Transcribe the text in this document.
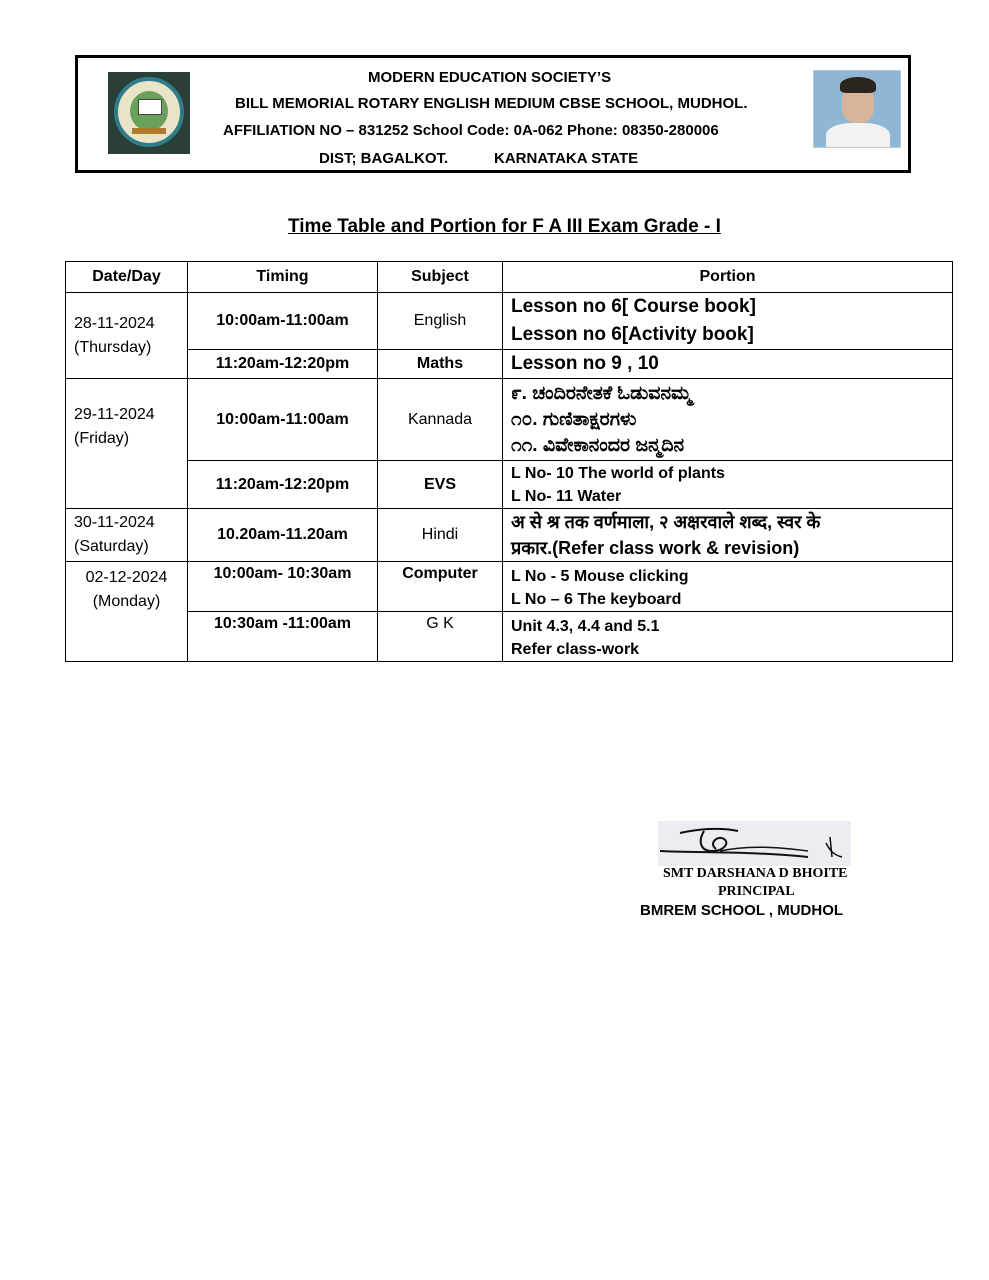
MODERN EDUCATION SOCIETY’S
BILL MEMORIAL ROTARY ENGLISH MEDIUM CBSE SCHOOL, MUDHOL.
AFFILIATION NO – 831252 School Code: 0A-062 Phone: 08350-280006
DIST; BAGALKOT.	KARNATAKA STATE
Time Table and Portion for F A III Exam Grade - I
Date/Day	Timing	Subject	Portion

28-11-2024
(Thursday)	10:00am-11:00am	English	Lesson no 6[ Course book]
Lesson no 6[Activity book]

	11:20am-12:20pm	Maths	Lesson no 9 , 10

29-11-2024
(Friday)	10:00am-11:00am	Kannada	೯. ಚಂದಿರನೇತಕೆ ಓಡುವನಮ್ಮ
೧೦. ಗುಣಿತಾಕ್ಷರಗಳು
೧೧. ವಿವೇಕಾನಂದರ ಜನ್ಮದಿನ

	11:20am-12:20pm	EVS	L No- 10 The world of plants
L No- 11 Water

30-11-2024
(Saturday)	10.20am-11.20am	Hindi	अ से श्र तक वर्णमाला, २ अक्षरवाले शब्द, स्वर के
प्रकार.(Refer class work & revision)

02-12-2024
(Monday)	10:00am- 10:30am	Computer	L No - 5 Mouse clicking
L No – 6 The keyboard

	10:30am -11:00am	G K	Unit 4.3, 4.4 and 5.1
Refer class-work
SMT DARSHANA D BHOITE
PRINCIPAL
BMREM SCHOOL , MUDHOL
